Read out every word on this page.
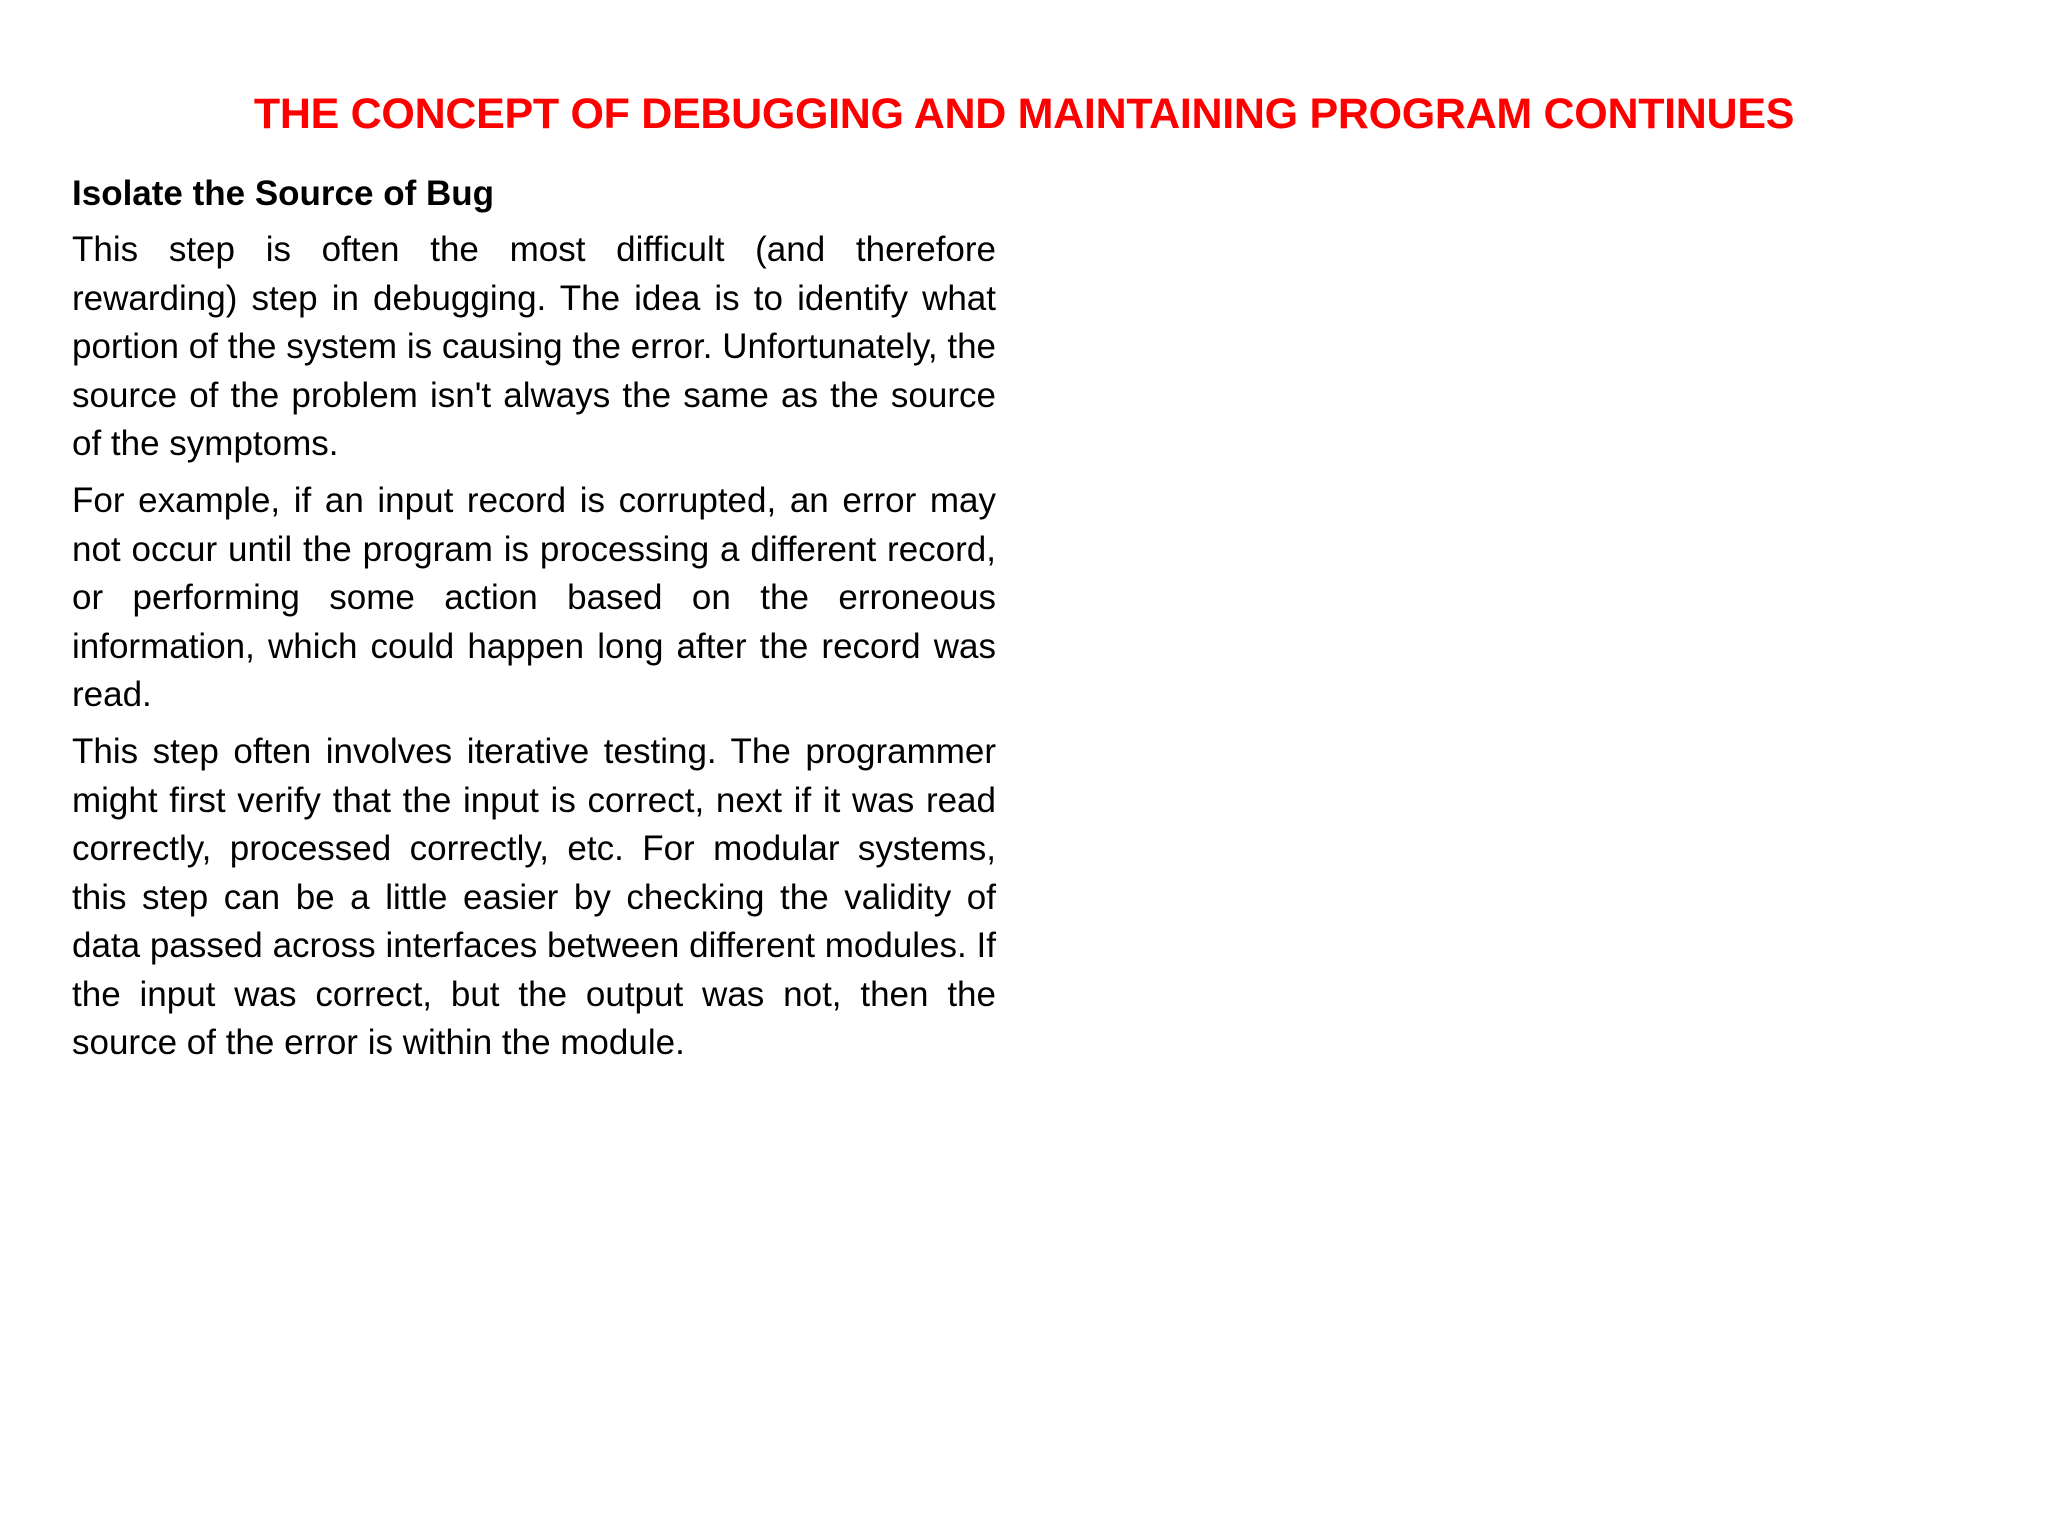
THE CONCEPT OF DEBUGGING AND MAINTAINING PROGRAM CONTINUES

Isolate the Source of Bug

This step is often the most difficult (and therefore rewarding) step in debugging. The idea is to identify what portion of the system is causing the error. Unfortunately, the source of the problem isn't always the same as the source of the symptoms.

For example, if an input record is corrupted, an error may not occur until the program is processing a different record, or performing some action based on the erroneous information, which could happen long after the record was read.

This step often involves iterative testing. The programmer might first verify that the input is correct, next if it was read correctly, processed correctly, etc. For modular systems, this step can be a little easier by checking the validity of data passed across interfaces between different modules. If the input was correct, but the output was not, then the source of the error is within the module.
